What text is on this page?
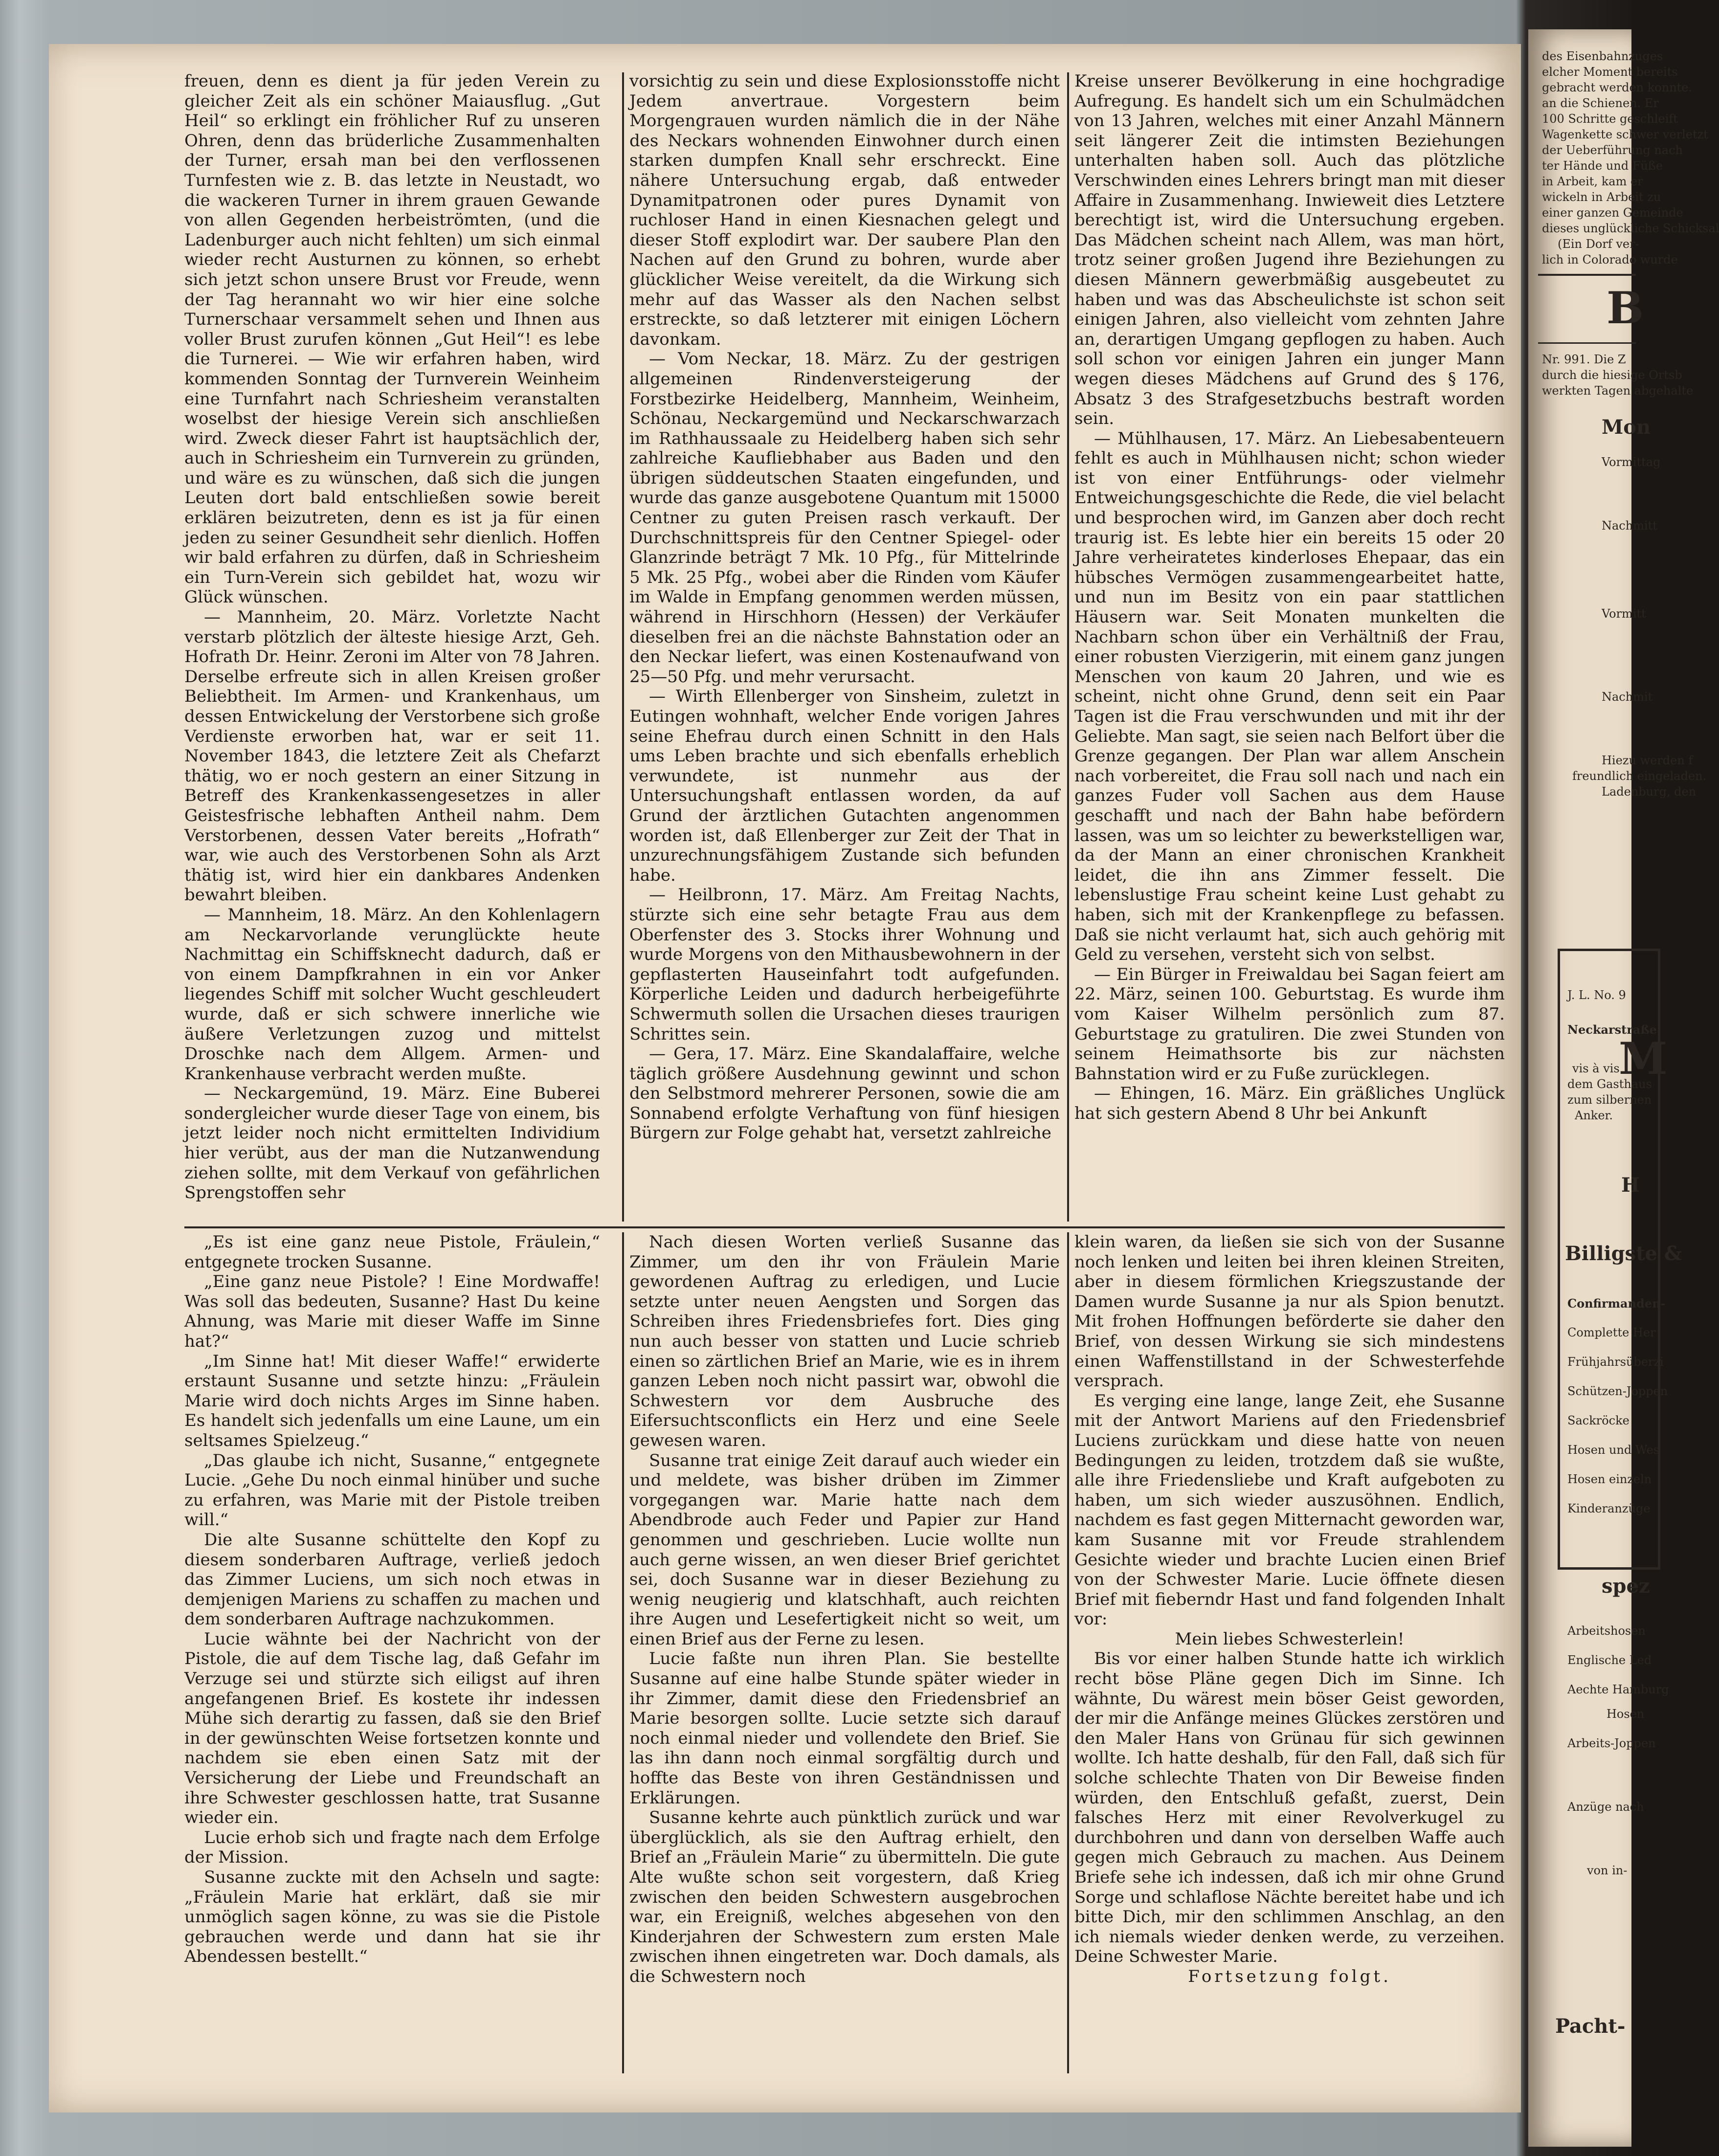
freuen, denn es dient ja für jeden Verein zu gleicher Zeit als ein schöner Maiausflug. „Gut Heil“ so erklingt ein fröhlicher Ruf zu unseren Ohren, denn das brüderliche Zusammenhalten der Turner, ersah man bei den verflossenen Turnfesten wie z. B. das letzte in Neustadt, wo die wackeren Turner in ihrem grauen Gewande von allen Gegenden herbeiströmten, (und die Ladenburger auch nicht fehlten) um sich einmal wieder recht Austurnen zu können, so erhebt sich jetzt schon unsere Brust vor Freude, wenn der Tag herannaht wo wir hier eine solche Turnerschaar versammelt sehen und Ihnen aus voller Brust zurufen können „Gut Heil“! es lebe die Turnerei. — Wie wir erfahren haben, wird kommenden Sonntag der Turnverein Weinheim eine Turnfahrt nach Schriesheim veranstalten woselbst der hiesige Verein sich anschließen wird. Zweck dieser Fahrt ist hauptsächlich der, auch in Schriesheim ein Turnverein zu gründen, und wäre es zu wünschen, daß sich die jungen Leuten dort bald entschließen sowie bereit erklären beizutreten, denn es ist ja für einen jeden zu seiner Gesundheit sehr dienlich. Hoffen wir bald erfahren zu dürfen, daß in Schriesheim ein Turn-Verein sich gebildet hat, wozu wir Glück wünschen.

— Mannheim, 20. März. Vorletzte Nacht verstarb plötzlich der älteste hiesige Arzt, Geh. Hofrath Dr. Heinr. Zeroni im Alter von 78 Jahren. Derselbe erfreute sich in allen Kreisen großer Beliebtheit. Im Armen- und Krankenhaus, um dessen Entwickelung der Verstorbene sich große Verdienste erworben hat, war er seit 11. November 1843, die letztere Zeit als Chefarzt thätig, wo er noch gestern an einer Sitzung in Betreff des Krankenkassengesetzes in aller Geistesfrische lebhaften Antheil nahm. Dem Verstorbenen, dessen Vater bereits „Hofrath“ war, wie auch des Verstorbenen Sohn als Arzt thätig ist, wird hier ein dankbares Andenken bewahrt bleiben.

— Mannheim, 18. März. An den Kohlenlagern am Neckarvorlande verunglückte heute Nachmittag ein Schiffsknecht dadurch, daß er von einem Dampfkrahnen in ein vor Anker liegendes Schiff mit solcher Wucht geschleudert wurde, daß er sich schwere innerliche wie äußere Verletzungen zuzog und mittelst Droschke nach dem Allgem. Armen- und Krankenhause verbracht werden mußte.

— Neckargemünd, 19. März. Eine Buberei sondergleicher wurde dieser Tage von einem, bis jetzt leider noch nicht ermittelten Individium hier verübt, aus der man die Nutzanwendung ziehen sollte, mit dem Verkauf von gefährlichen Sprengstoffen sehr

vorsichtig zu sein und diese Explosionsstoffe nicht Jedem anvertraue. Vorgestern beim Morgengrauen wurden nämlich die in der Nähe des Neckars wohnenden Einwohner durch einen starken dumpfen Knall sehr erschreckt. Eine nähere Untersuchung ergab, daß entweder Dynamitpatronen oder pures Dynamit von ruchloser Hand in einen Kiesnachen gelegt und dieser Stoff explodirt war. Der saubere Plan den Nachen auf den Grund zu bohren, wurde aber glücklicher Weise vereitelt, da die Wirkung sich mehr auf das Wasser als den Nachen selbst erstreckte, so daß letzterer mit einigen Löchern davonkam.

— Vom Neckar, 18. März. Zu der gestrigen allgemeinen Rindenversteigerung der Forstbezirke Heidelberg, Mannheim, Weinheim, Schönau, Neckargemünd und Neckarschwarzach im Rathhaussaale zu Heidelberg haben sich sehr zahlreiche Kaufliebhaber aus Baden und den übrigen süddeutschen Staaten eingefunden, und wurde das ganze ausgebotene Quantum mit 15000 Centner zu guten Preisen rasch verkauft. Der Durchschnittspreis für den Centner Spiegel- oder Glanzrinde beträgt 7 Mk. 10 Pfg., für Mittelrinde 5 Mk. 25 Pfg., wobei aber die Rinden vom Käufer im Walde in Empfang genommen werden müssen, während in Hirschhorn (Hessen) der Verkäufer dieselben frei an die nächste Bahnstation oder an den Neckar liefert, was einen Kostenaufwand von 25—50 Pfg. und mehr verursacht.

— Wirth Ellenberger von Sinsheim, zuletzt in Eutingen wohnhaft, welcher Ende vorigen Jahres seine Ehefrau durch einen Schnitt in den Hals ums Leben brachte und sich ebenfalls erheblich verwundete, ist nunmehr aus der Untersuchungshaft entlassen worden, da auf Grund der ärztlichen Gutachten angenommen worden ist, daß Ellenberger zur Zeit der That in unzurechnungsfähigem Zustande sich befunden habe.

— Heilbronn, 17. März. Am Freitag Nachts, stürzte sich eine sehr betagte Frau aus dem Oberfenster des 3. Stocks ihrer Wohnung und wurde Morgens von den Mithausbewohnern in der gepflasterten Hauseinfahrt todt aufgefunden. Körperliche Leiden und dadurch herbeigeführte Schwermuth sollen die Ursachen dieses traurigen Schrittes sein.

— Gera, 17. März. Eine Skandalaffaire, welche täglich größere Ausdehnung gewinnt und schon den Selbstmord mehrerer Personen, sowie die am Sonnabend erfolgte Verhaftung von fünf hiesigen Bürgern zur Folge gehabt hat, versetzt zahlreiche

Kreise unserer Bevölkerung in eine hochgradige Aufregung. Es handelt sich um ein Schulmädchen von 13 Jahren, welches mit einer Anzahl Männern seit längerer Zeit die intimsten Beziehungen unterhalten haben soll. Auch das plötzliche Verschwinden eines Lehrers bringt man mit dieser Affaire in Zusammenhang. Inwieweit dies Letztere berechtigt ist, wird die Untersuchung ergeben. Das Mädchen scheint nach Allem, was man hört, trotz seiner großen Jugend ihre Beziehungen zu diesen Männern gewerbmäßig ausgebeutet zu haben und was das Abscheulichste ist schon seit einigen Jahren, also vielleicht vom zehnten Jahre an, derartigen Umgang gepflogen zu haben. Auch soll schon vor einigen Jahren ein junger Mann wegen dieses Mädchens auf Grund des § 176, Absatz 3 des Strafgesetzbuchs bestraft worden sein.

— Mühlhausen, 17. März. An Liebesabenteuern fehlt es auch in Mühlhausen nicht; schon wieder ist von einer Entführungs- oder vielmehr Entweichungsgeschichte die Rede, die viel belacht und besprochen wird, im Ganzen aber doch recht traurig ist. Es lebte hier ein bereits 15 oder 20 Jahre verheiratetes kinderloses Ehepaar, das ein hübsches Vermögen zusammengearbeitet hatte, und nun im Besitz von ein paar stattlichen Häusern war. Seit Monaten munkelten die Nachbarn schon über ein Verhältniß der Frau, einer robusten Vierzigerin, mit einem ganz jungen Menschen von kaum 20 Jahren, und wie es scheint, nicht ohne Grund, denn seit ein Paar Tagen ist die Frau verschwunden und mit ihr der Geliebte. Man sagt, sie seien nach Belfort über die Grenze gegangen. Der Plan war allem Anschein nach vorbereitet, die Frau soll nach und nach ein ganzes Fuder voll Sachen aus dem Hause geschafft und nach der Bahn habe befördern lassen, was um so leichter zu bewerkstelligen war, da der Mann an einer chronischen Krankheit leidet, die ihn ans Zimmer fesselt. Die lebenslustige Frau scheint keine Lust gehabt zu haben, sich mit der Krankenpflege zu befassen. Daß sie nicht verlaumt hat, sich auch gehörig mit Geld zu versehen, versteht sich von selbst.

— Ein Bürger in Freiwaldau bei Sagan feiert am 22. März, seinen 100. Geburtstag. Es wurde ihm vom Kaiser Wilhelm persönlich zum 87. Geburtstage zu gratuliren. Die zwei Stunden von seinem Heimathsorte bis zur nächsten Bahnstation wird er zu Fuße zurücklegen.

— Ehingen, 16. März. Ein gräßliches Unglück hat sich gestern Abend 8 Uhr bei Ankunft

„Es ist eine ganz neue Pistole, Fräulein,“ entgegnete trocken Susanne.

„Eine ganz neue Pistole? ! Eine Mordwaffe! Was soll das bedeuten, Susanne? Hast Du keine Ahnung, was Marie mit dieser Waffe im Sinne hat?“

„Im Sinne hat! Mit dieser Waffe!“ erwiderte erstaunt Susanne und setzte hinzu: „Fräulein Marie wird doch nichts Arges im Sinne haben. Es handelt sich jedenfalls um eine Laune, um ein seltsames Spielzeug.“

„Das glaube ich nicht, Susanne,“ entgegnete Lucie. „Gehe Du noch einmal hinüber und suche zu erfahren, was Marie mit der Pistole treiben will.“

Die alte Susanne schüttelte den Kopf zu diesem sonderbaren Auftrage, verließ jedoch das Zimmer Luciens, um sich noch etwas in demjenigen Mariens zu schaffen zu machen und dem sonderbaren Auftrage nachzukommen.

Lucie wähnte bei der Nachricht von der Pistole, die auf dem Tische lag, daß Gefahr im Verzuge sei und stürzte sich eiligst auf ihren angefangenen Brief. Es kostete ihr indessen Mühe sich derartig zu fassen, daß sie den Brief in der gewünschten Weise fortsetzen konnte und nachdem sie eben einen Satz mit der Versicherung der Liebe und Freundschaft an ihre Schwester geschlossen hatte, trat Susanne wieder ein.

Lucie erhob sich und fragte nach dem Erfolge der Mission.

Susanne zuckte mit den Achseln und sagte: „Fräulein Marie hat erklärt, daß sie mir unmöglich sagen könne, zu was sie die Pistole gebrauchen werde und dann hat sie ihr Abendessen bestellt.“

Nach diesen Worten verließ Susanne das Zimmer, um den ihr von Fräulein Marie gewordenen Auftrag zu erledigen, und Lucie setzte unter neuen Aengsten und Sorgen das Schreiben ihres Friedensbriefes fort. Dies ging nun auch besser von statten und Lucie schrieb einen so zärtlichen Brief an Marie, wie es in ihrem ganzen Leben noch nicht passirt war, obwohl die Schwestern vor dem Ausbruche des Eifersuchtsconflicts ein Herz und eine Seele gewesen waren.

Susanne trat einige Zeit darauf auch wieder ein und meldete, was bisher drüben im Zimmer vorgegangen war. Marie hatte nach dem Abendbrode auch Feder und Papier zur Hand genommen und geschrieben. Lucie wollte nun auch gerne wissen, an wen dieser Brief gerichtet sei, doch Susanne war in dieser Beziehung zu wenig neugierig und klatschhaft, auch reichten ihre Augen und Lesefertigkeit nicht so weit, um einen Brief aus der Ferne zu lesen.

Lucie faßte nun ihren Plan. Sie bestellte Susanne auf eine halbe Stunde später wieder in ihr Zimmer, damit diese den Friedensbrief an Marie besorgen sollte. Lucie setzte sich darauf noch einmal nieder und vollendete den Brief. Sie las ihn dann noch einmal sorgfältig durch und hoffte das Beste von ihren Geständnissen und Erklärungen.

Susanne kehrte auch pünktlich zurück und war überglücklich, als sie den Auftrag erhielt, den Brief an „Fräulein Marie“ zu übermitteln. Die gute Alte wußte schon seit vorgestern, daß Krieg zwischen den beiden Schwestern ausgebrochen war, ein Ereigniß, welches abgesehen von den Kinderjahren der Schwestern zum ersten Male zwischen ihnen eingetreten war. Doch damals, als die Schwestern noch

klein waren, da ließen sie sich von der Susanne noch lenken und leiten bei ihren kleinen Streiten, aber in diesem förmlichen Kriegszustande der Damen wurde Susanne ja nur als Spion benutzt. Mit frohen Hoffnungen beförderte sie daher den Brief, von dessen Wirkung sie sich mindestens einen Waffenstillstand in der Schwesterfehde versprach.

Es verging eine lange, lange Zeit, ehe Susanne mit der Antwort Mariens auf den Friedensbrief Luciens zurückkam und diese hatte von neuen Bedingungen zu leiden, trotzdem daß sie wußte, alle ihre Friedensliebe und Kraft aufgeboten zu haben, um sich wieder auszusöhnen. Endlich, nachdem es fast gegen Mitternacht geworden war, kam Susanne mit vor Freude strahlendem Gesichte wieder und brachte Lucien einen Brief von der Schwester Marie. Lucie öffnete diesen Brief mit fieberndr Hast und fand folgenden Inhalt vor:

Mein liebes Schwesterlein!

Bis vor einer halben Stunde hatte ich wirklich recht böse Pläne gegen Dich im Sinne. Ich wähnte, Du wärest mein böser Geist geworden, der mir die Anfänge meines Glückes zerstören und den Maler Hans von Grünau für sich gewinnen wollte. Ich hatte deshalb, für den Fall, daß sich für solche schlechte Thaten von Dir Beweise finden würden, den Entschluß gefaßt, zuerst, Dein falsches Herz mit einer Revolverkugel zu durchbohren und dann von derselben Waffe auch gegen mich Gebrauch zu machen. Aus Deinem Briefe sehe ich indessen, daß ich mir ohne Grund Sorge und schlaflose Nächte bereitet habe und ich bitte Dich, mir den schlimmen Anschlag, an den ich niemals wieder denken werde, zu verzeihen. Deine Schwester Marie.

Fortsetzung folgt.

des Eisenbahnzuges
elcher Moment bereits
gebracht werden konnte.
an die Schienen. Er
100 Schritte geschleift
Wagenkette schwer verletzt
der Ueberführung nach
ter Hände und Füße
in Arbeit, kam er
wickeln in Arbeit zu
einer ganzen Gemeinde
dieses unglückliche Schicksal
(Ein Dorf ver-
lich in Colorado wurde
B
Nr. 991. Die Z
durch die hiesige Ortsb
werkten Tagen abgehalte
Mon
Vormittag
Nachmitt
Vormitt
Nachmit
Hiezu werden f
freundlich eingeladen.
Ladenburg, den
J. L. No. 9
Neckarstraße
vis à vis
dem Gasthaus
zum silbernen
Anker.
M
H
Billigste &
Confirmanden-
Complette Her
Frühjahrsüberzi
Schützen-Joppen
Sackröcke
Hosen und Wes
Hosen einzeln
Kinderanzüge
spez
Arbeitshosen
Englische Led
Aechte Hamburg
Hosen
Arbeits-Joppen
Anzüge nach
von in-
Pacht-
